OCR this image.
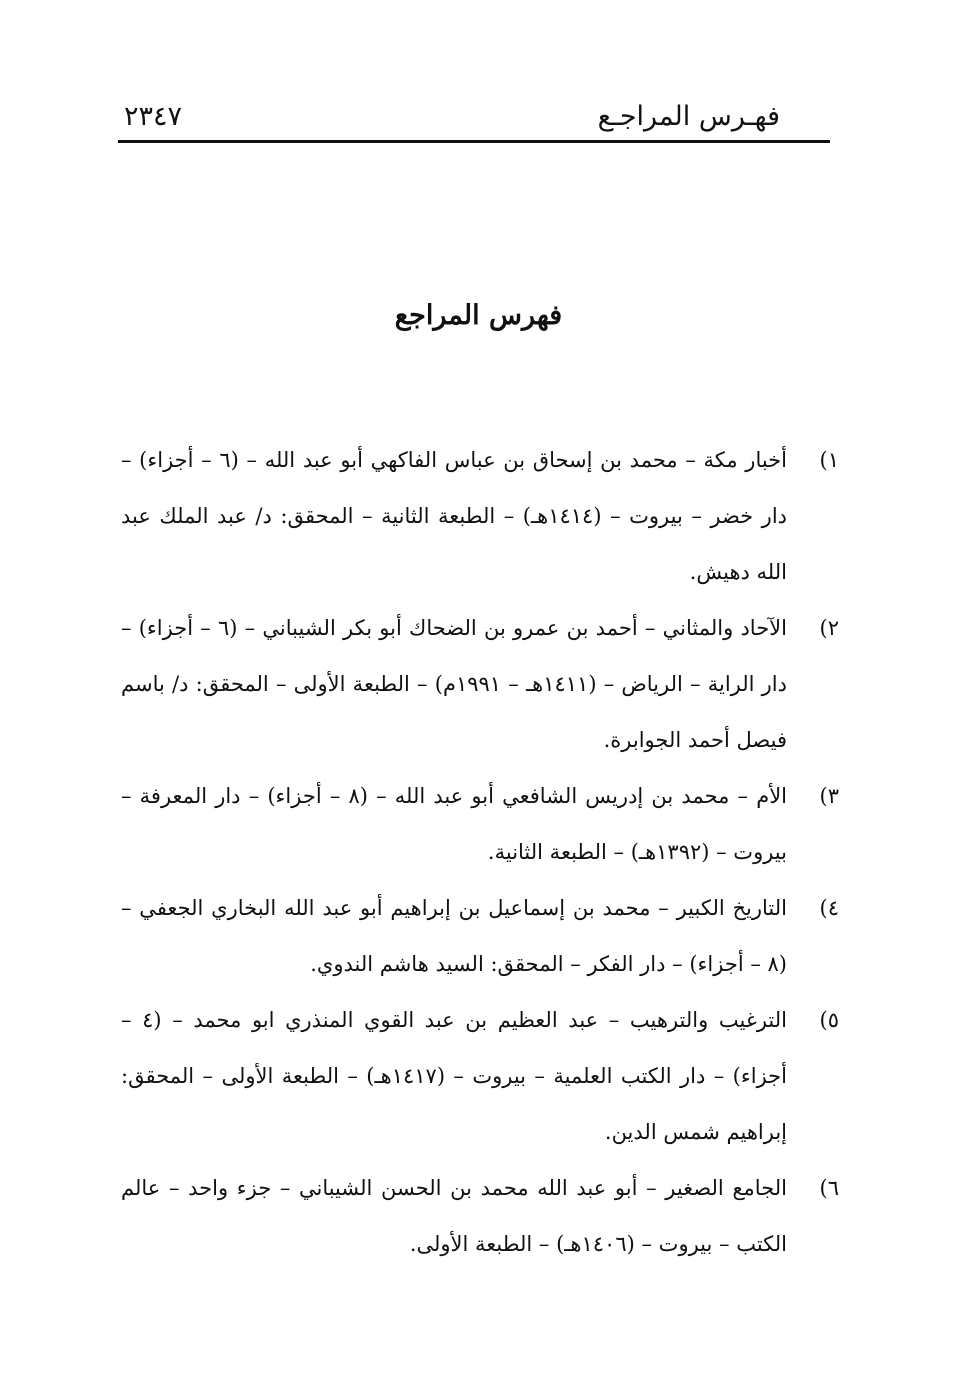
فهـرس المراجـع
٢٣٤٧
فهرس المراجع
١)أخبار مكة – محمد بن إسحاق بن عباس الفاكهي أبو عبد الله – (٦ – أجزاء) – دار خضر – بيروت – (١٤١٤هـ) – الطبعة الثانية – المحقق: د/ عبد الملك عبد الله دهيش.
٢)الآحاد والمثاني – أحمد بن عمرو بن الضحاك أبو بكر الشيباني – (٦ – أجزاء) – دار الراية – الرياض – (١٤١١هـ – ١٩٩١م) – الطبعة الأولى – المحقق: د/ باسم فيصل أحمد الجوابرة.
٣)الأم – محمد بن إدريس الشافعي أبو عبد الله – (٨ – أجزاء) – دار المعرفة – بيروت – (١٣٩٢هـ) – الطبعة الثانية.
٤)التاريخ الكبير – محمد بن إسماعيل بن إبراهيم أبو عبد الله البخاري الجعفي – (٨ – أجزاء) – دار الفكر – المحقق: السيد هاشم الندوي.
٥)الترغيب والترهيب – عبد العظيم بن عبد القوي المنذري ابو محمد – (٤ – أجزاء) – دار الكتب العلمية – بيروت – (١٤١٧هـ) – الطبعة الأولى – المحقق: إبراهيم شمس الدين.
٦)الجامع الصغير – أبو عبد الله محمد بن الحسن الشيباني – جزء واحد – عالم الكتب – بيروت – (١٤٠٦هـ) – الطبعة الأولى.
